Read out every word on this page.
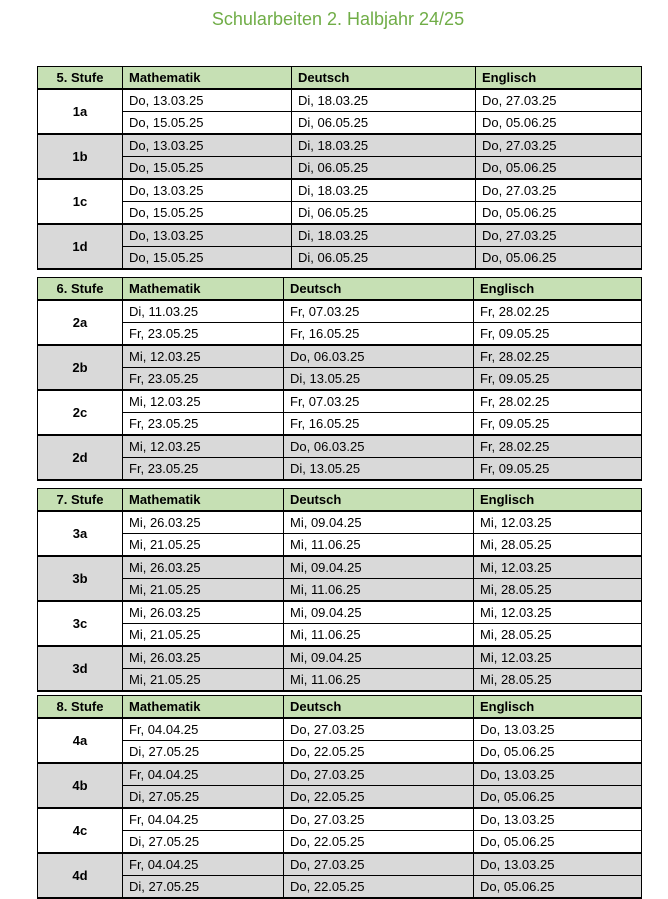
Schularbeiten 2. Halbjahr 24/25
5. Stufe	Mathematik	Deutsch	Englisch
1a	Do, 13.03.25	Di, 18.03.25	Do, 27.03.25
	Do, 15.05.25	Di, 06.05.25	Do, 05.06.25
1b	Do, 13.03.25	Di, 18.03.25	Do, 27.03.25
	Do, 15.05.25	Di, 06.05.25	Do, 05.06.25
1c	Do, 13.03.25	Di, 18.03.25	Do, 27.03.25
	Do, 15.05.25	Di, 06.05.25	Do, 05.06.25
1d	Do, 13.03.25	Di, 18.03.25	Do, 27.03.25
	Do, 15.05.25	Di, 06.05.25	Do, 05.06.25
6. Stufe	Mathematik	Deutsch	Englisch
2a	Di, 11.03.25	Fr, 07.03.25	Fr, 28.02.25
	Fr, 23.05.25	Fr, 16.05.25	Fr, 09.05.25
2b	Mi, 12.03.25	Do, 06.03.25	Fr, 28.02.25
	Fr, 23.05.25	Di, 13.05.25	Fr, 09.05.25
2c	Mi, 12.03.25	Fr, 07.03.25	Fr, 28.02.25
	Fr, 23.05.25	Fr, 16.05.25	Fr, 09.05.25
2d	Mi, 12.03.25	Do, 06.03.25	Fr, 28.02.25
	Fr, 23.05.25	Di, 13.05.25	Fr, 09.05.25
7. Stufe	Mathematik	Deutsch	Englisch
3a	Mi, 26.03.25	Mi, 09.04.25	Mi, 12.03.25
	Mi, 21.05.25	Mi, 11.06.25	Mi, 28.05.25
3b	Mi, 26.03.25	Mi, 09.04.25	Mi, 12.03.25
	Mi, 21.05.25	Mi, 11.06.25	Mi, 28.05.25
3c	Mi, 26.03.25	Mi, 09.04.25	Mi, 12.03.25
	Mi, 21.05.25	Mi, 11.06.25	Mi, 28.05.25
3d	Mi, 26.03.25	Mi, 09.04.25	Mi, 12.03.25
	Mi, 21.05.25	Mi, 11.06.25	Mi, 28.05.25
8. Stufe	Mathematik	Deutsch	Englisch
4a	Fr, 04.04.25	Do, 27.03.25	Do, 13.03.25
	Di, 27.05.25	Do, 22.05.25	Do, 05.06.25
4b	Fr, 04.04.25	Do, 27.03.25	Do, 13.03.25
	Di, 27.05.25	Do, 22.05.25	Do, 05.06.25
4c	Fr, 04.04.25	Do, 27.03.25	Do, 13.03.25
	Di, 27.05.25	Do, 22.05.25	Do, 05.06.25
4d	Fr, 04.04.25	Do, 27.03.25	Do, 13.03.25
	Di, 27.05.25	Do, 22.05.25	Do, 05.06.25
